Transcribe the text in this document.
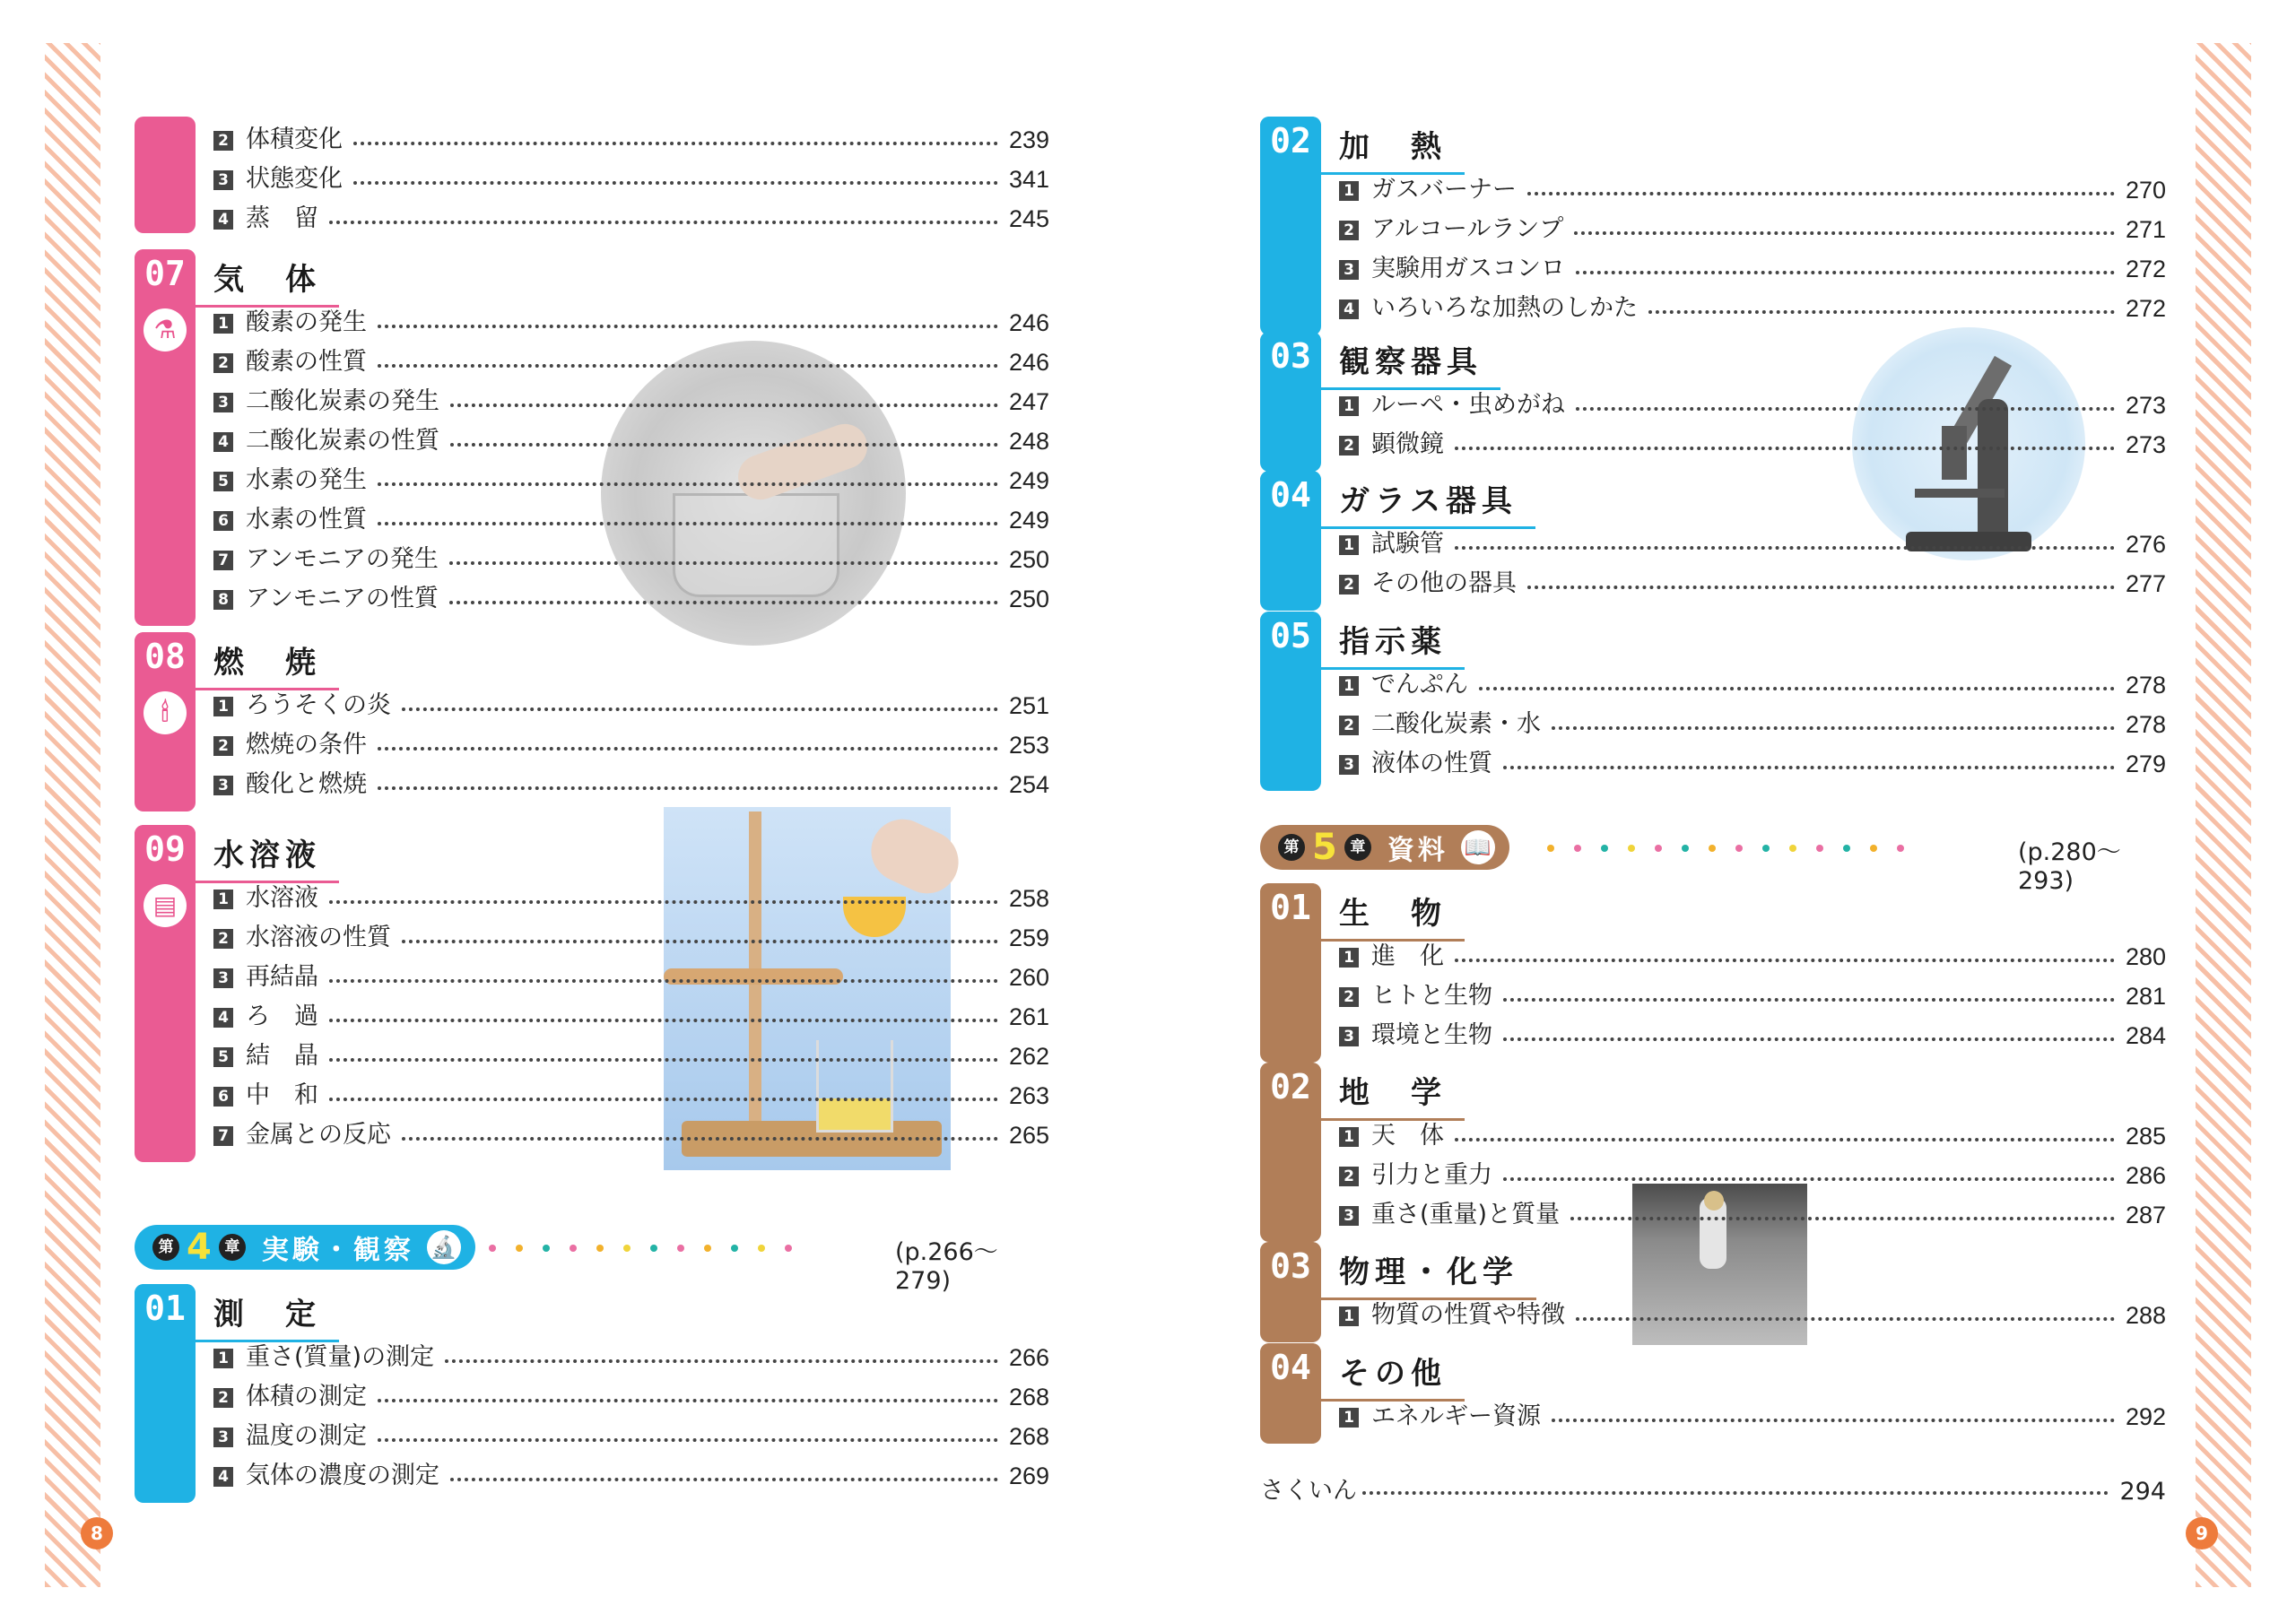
2 体積変化	239
3 状態変化	341
4 蒸　留	245
07 気　体
⚗	1 酸素の発生	246
2 酸素の性質	246
3 二酸化炭素の発生	247
4 二酸化炭素の性質	248
5 水素の発生	249
6 水素の性質	249
7 アンモニアの発生	250
8 アンモニアの性質	250
08 燃　焼
🕯	1 ろうそくの炎	251
2 燃焼の条件	253
3 酸化と燃焼	254
09 水溶液
▤	1 水溶液	258
2 水溶液の性質	259
3 再結晶	260
4 ろ　過	261
5 結　晶	262
6 中　和	263
7 金属との反応	265
第 4 章 実験・観察 🔬	(p.266～279)
01 測　定
1 重さ(質量)の測定	266
2 体積の測定	268
3 温度の測定	268
4 気体の濃度の測定	269
8
02 加　熱
1 ガスバーナー	270
2 アルコールランプ	271
3 実験用ガスコンロ	272
4 いろいろな加熱のしかた	272
03 観察器具
1 ルーペ・虫めがね	273
2 顕微鏡	273
04 ガラス器具
1 試験管	276
2 その他の器具	277
05 指示薬
1 でんぷん	278
2 二酸化炭素・水	278
3 液体の性質	279
第 5 章 資料 📖	(p.280～293)
01 生　物
1 進　化	280
2 ヒトと生物	281
3 環境と生物	284
02 地　学
1 天　体	285
2 引力と重力	286
3 重さ(重量)と質量	287
03 物理・化学
1 物質の性質や特徴	288
04 その他
1 エネルギー資源	292
さくいん	294
9
